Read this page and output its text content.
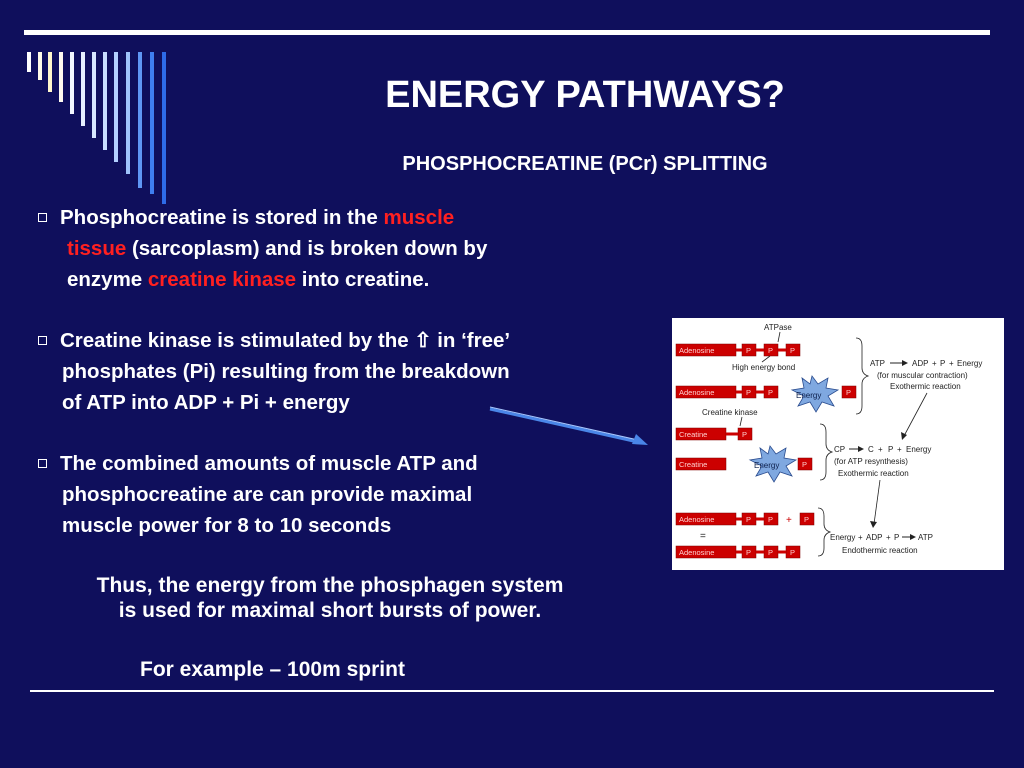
ENERGY PATHWAYS?
PHOSPHOCREATINE (PCr) SPLITTING
Phosphocreatine is stored in the muscle
tissue (sarcoplasm) and is broken down by
enzyme creatine kinase into creatine.
Creatine kinase is stimulated by the ⇧ in ‘free’
phosphates (Pi) resulting from the breakdown
of ATP into ADP + Pi + energy
The combined amounts of muscle ATP and
phosphocreatine are can provide maximal
muscle power for 8 to 10 seconds
Thus, the energy from the phosphagen system
is used for maximal short bursts of power.
For example – 100m sprint
Adenosine
Adenosine
Creatine
Creatine
Adenosine
Adenosine
P P P
P P	P
P
P
P P	P
P P P
ATPase
High energy bond
Creatine kinase
Energy
Energy
+
=
ATP	ADP + P + Energy
(for muscular contraction)
Exothermic reaction
CP	C + P + Energy
(for ATP resynthesis)
Exothermic reaction
Energy + ADP + P ATP
Endothermic reaction
